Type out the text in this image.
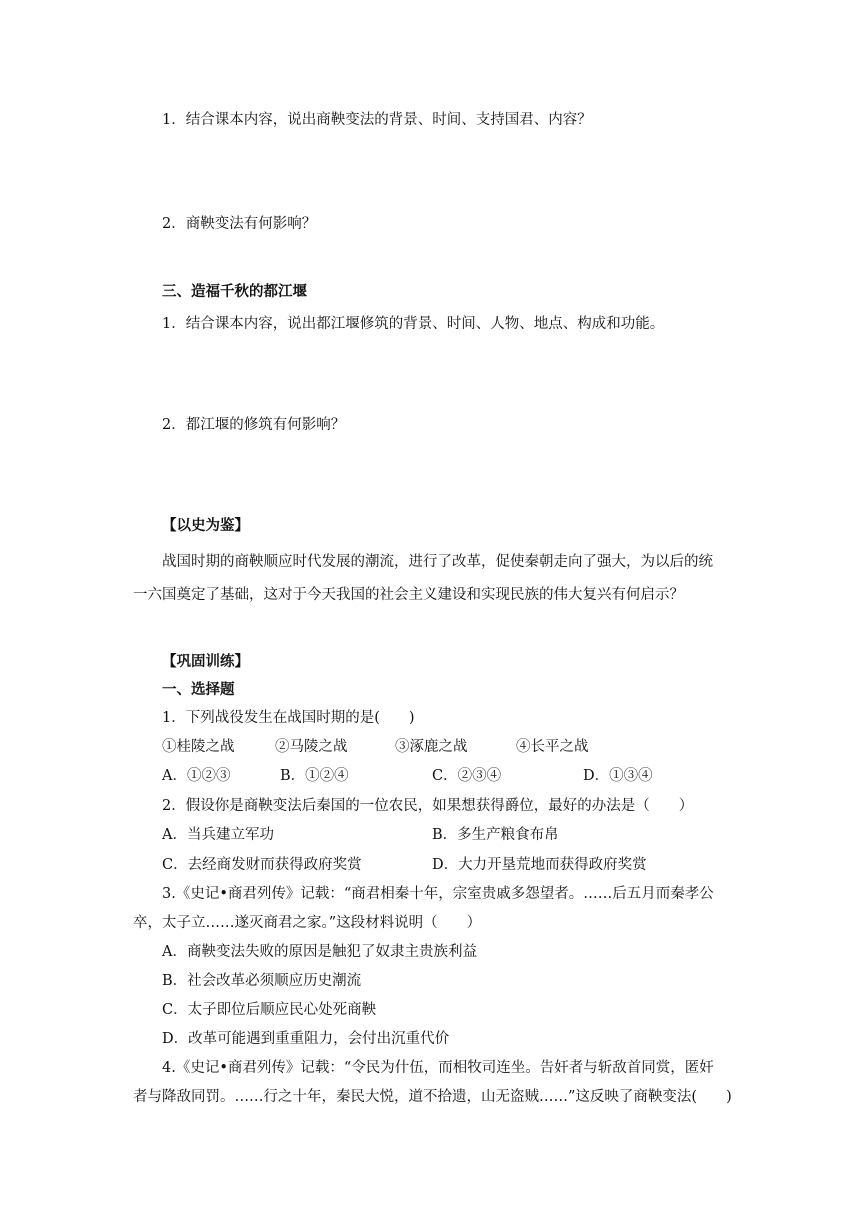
1．结合课本内容，说出商鞅变法的背景、时间、支持国君、内容？
2．商鞅变法有何影响？
三、造福千秋的都江堰
1．结合课本内容，说出都江堰修筑的背景、时间、人物、地点、构成和功能。
2．都江堰的修筑有何影响？
【以史为鉴】
战国时期的商鞅顺应时代发展的潮流，进行了改革，促使秦朝走向了强大，为以后的统
一六国奠定了基础，这对于今天我国的社会主义建设和实现民族的伟大复兴有何启示？
【巩固训练】
一、选择题
1．下列战役发生在战国时期的是(　　)
①桂陵之战	②马陵之战	③涿鹿之战	④长平之战
A．①②③	B．①②④	C．②③④	D．①③④
2．假设你是商鞅变法后秦国的一位农民，如果想获得爵位，最好的办法是（　　）
A．当兵建立军功	B．多生产粮食布帛
C．去经商发财而获得政府奖赏	D．大力开垦荒地而获得政府奖赏
3.《史记•商君列传》记载：“商君相秦十年，宗室贵戚多怨望者。……后五月而秦孝公
卒，太子立……遂灭商君之家。”这段材料说明（　　）
A．商鞅变法失败的原因是触犯了奴隶主贵族利益
B．社会改革必须顺应历史潮流
C．太子即位后顺应民心处死商鞅
D．改革可能遇到重重阻力，会付出沉重代价
4.《史记•商君列传》记载：“令民为什伍，而相牧司连坐。告奸者与斩敌首同赏，匿奸
者与降敌同罚。……行之十年，秦民大悦，道不拾遗，山无盗贼……”这反映了商鞅变法(　　)
